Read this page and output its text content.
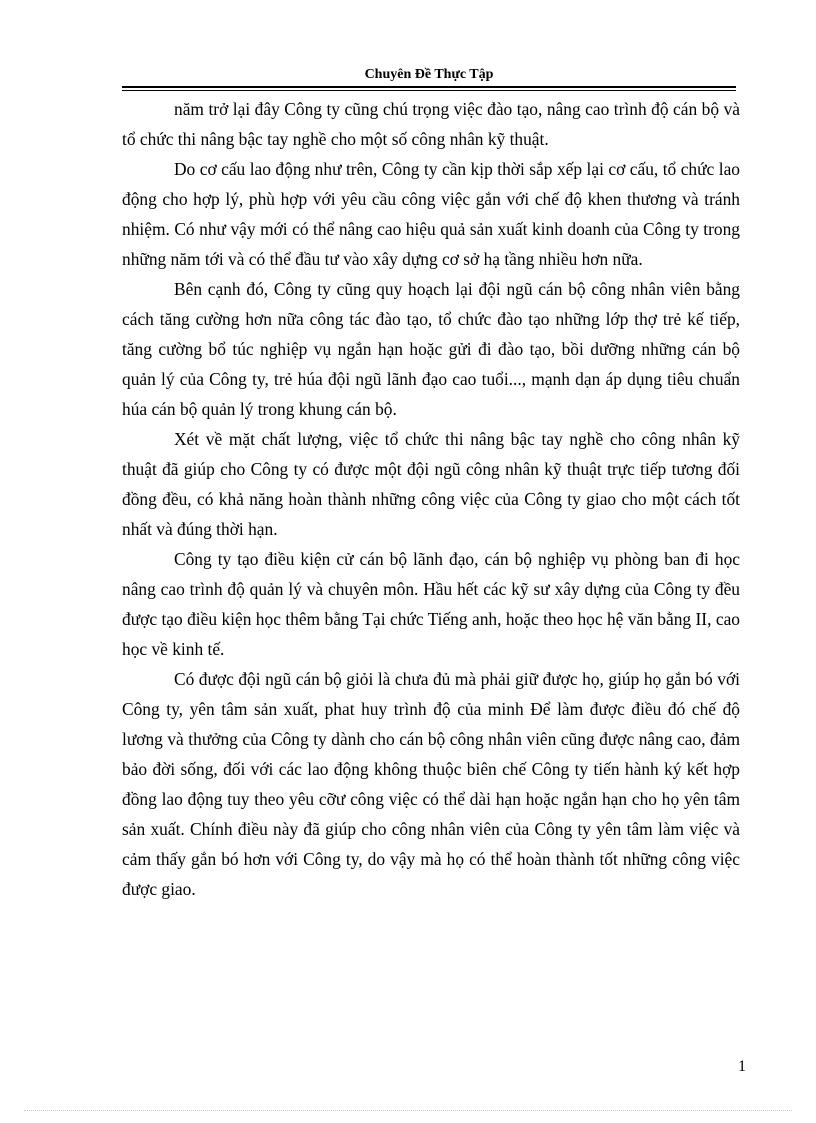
Chuyên Đề Thực Tập

năm trở lại đây Công ty cũng chú trọng việc đào tạo, nâng cao trình độ cán bộ và tổ chức thi nâng bậc tay nghề cho một số công nhân kỹ thuật.

Do cơ cấu lao động như trên, Công ty cần kịp thời sắp xếp lại cơ cấu, tổ chức lao động cho hợp lý, phù hợp với yêu cầu công việc gắn với chế độ khen thương và tránh nhiệm. Có như vậy mới có thể nâng cao hiệu quả sản xuất kinh doanh của Công ty trong những năm tới và có thể đầu tư vào xây dựng cơ sở hạ tầng nhiều hơn nữa.

Bên cạnh đó, Công ty cũng quy hoạch lại đội ngũ cán bộ công nhân viên bằng cách tăng cường hơn nữa công tác đào tạo, tổ chức đào tạo những lớp thợ trẻ kế tiếp, tăng cường bổ túc nghiệp vụ ngắn hạn hoặc gửi đi đào tạo, bồi dưỡng những cán bộ quản lý của Công ty, trẻ húa đội ngũ lãnh đạo cao tuổi..., mạnh dạn áp dụng tiêu chuẩn húa cán bộ quản lý trong khung cán bộ.

Xét về mặt chất lượng, việc tổ chức thi nâng bậc tay nghề cho công nhân kỹ thuật đã giúp cho Công ty có được một đội ngũ công nhân kỹ thuật trực tiếp tương đối đồng đều, có khả năng hoàn thành những công việc của Công ty giao cho một cách tốt nhất và đúng thời hạn.

Công ty tạo điều kiện cử cán bộ lãnh đạo, cán bộ nghiệp vụ phòng ban đi học nâng cao trình độ quản lý và chuyên môn. Hầu hết các kỹ sư xây dựng của Công ty đều được tạo điều kiện học thêm bằng Tại chức Tiếng anh, hoặc theo học hệ văn bằng II, cao học về kinh tế.

Có được đội ngũ cán bộ giỏi là chưa đủ mà phải giữ được họ, giúp họ gắn bó với Công ty, yên tâm sản xuất, phat huy trình độ của minh Để làm được điều đó chế độ lương và thưởng của Công ty dành cho cán bộ công nhân viên cũng được nâng cao, đảm bảo đời sống, đối với các lao động không thuộc biên chế Công ty tiến hành ký kết hợp đồng lao động tuy theo yêu cỡư công việc có thể dài hạn hoặc ngắn hạn cho họ yên tâm sản xuất. Chính điều này đã giúp cho công nhân viên của Công ty yên tâm làm việc và cảm thấy gắn bó hơn với Công ty, do vậy mà họ có thể hoàn thành tốt những công việc được giao.

1
